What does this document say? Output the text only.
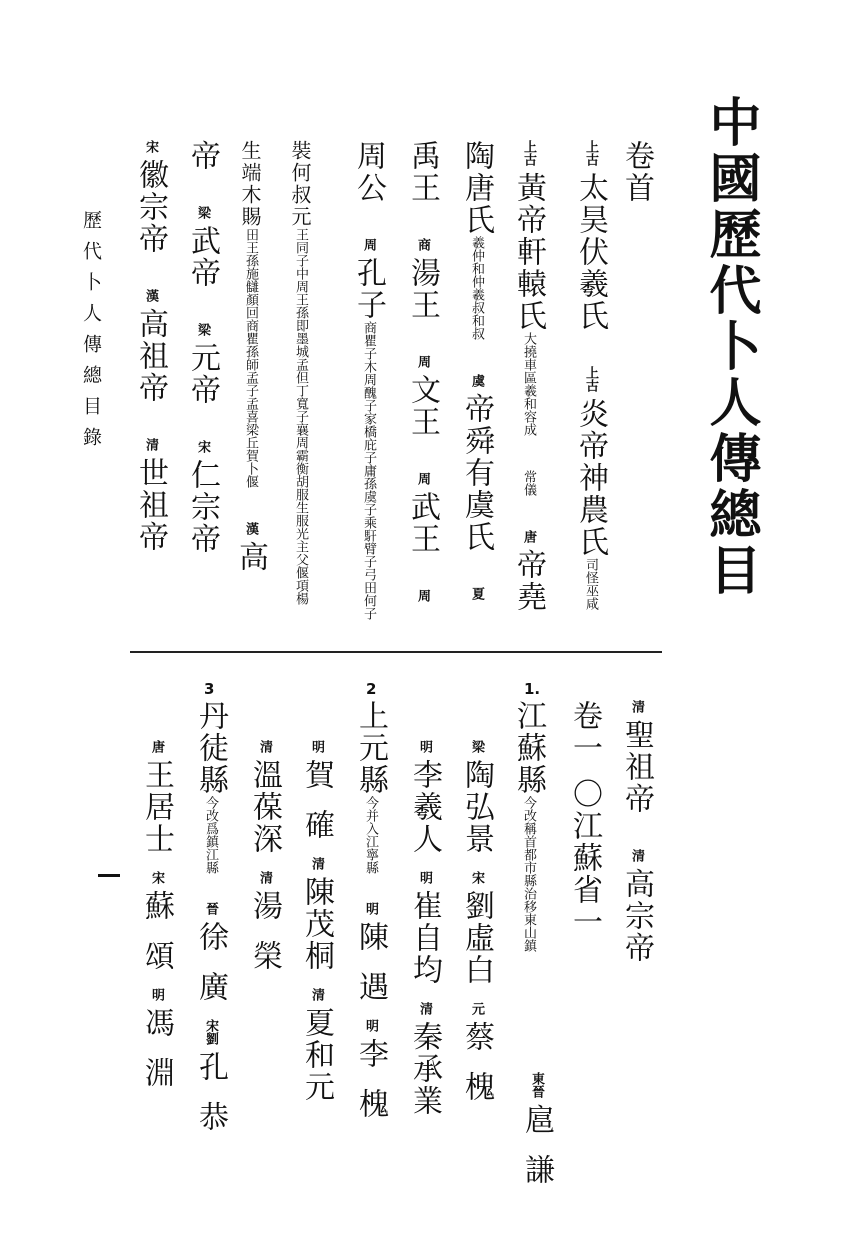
中國歷代卜人傳總目
歷代卜人傳總目錄
卷首
上古太昊伏羲氏上古炎帝神農氏司怪巫咸
上古黃帝軒轅氏大撓車區羲和容成常儀唐帝堯
陶唐氏羲仲和仲羲叔和叔虞帝舜有虞氏夏
禹王商湯王周文王周武王周
周公周孔子商瞿子木周醜子家橋庇子庸孫虞子乘馯臂子弓田何子
裝何叔元王同子中周王孫即墨城孟但丁寬子襄周霸衡胡服生服光主父偃項楊
生端木賜田王孫施讎顏回商瞿孫師孟子孟喜梁丘賀卜偃漢高
帝梁武帝梁元帝宋仁宗帝
宋徽宗帝漢高祖帝清世祖帝
清聖祖帝清高宗帝
卷一〇江蘇省一
1.
江蘇縣今改稱首都市縣治移東山鎮
梁陶弘景宋劉虛白元蔡槐
明李羲人明崔自均清秦承業
2
上元縣今并入江寧縣明陳遇明李槐
明賀確清陳茂桐清夏和元
清溫葆深清湯榮
3
丹徒縣今改爲鎮江縣晉徐廣宋劉孔恭
唐王居士宋蘇頌明馮淵	東晉扈謙
